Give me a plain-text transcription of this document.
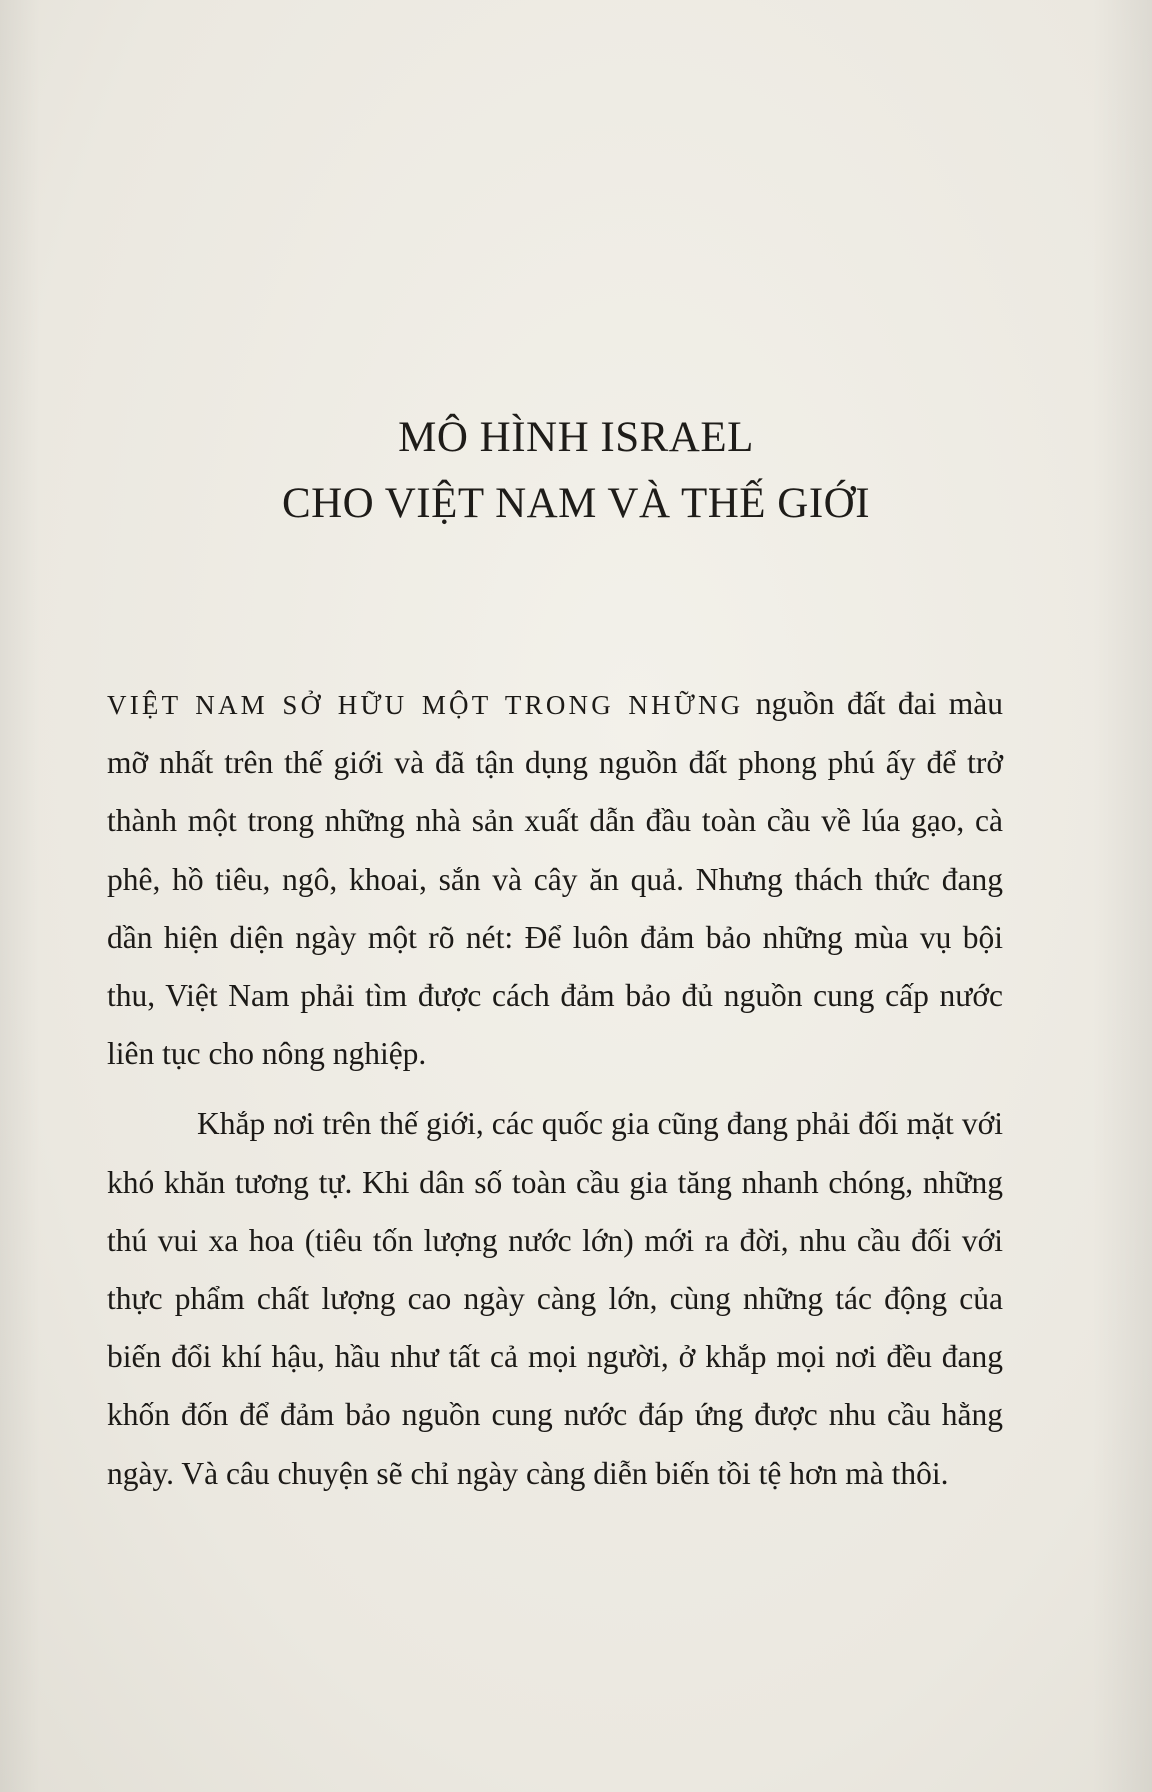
MÔ HÌNH ISRAEL
CHO VIỆT NAM VÀ THẾ GIỚI

VIỆT NAM SỞ HỮU MỘT TRONG NHỮNG nguồn đất đai màu mỡ nhất trên thế giới và đã tận dụng nguồn đất phong phú ấy để trở thành một trong những nhà sản xuất dẫn đầu toàn cầu về lúa gạo, cà phê, hồ tiêu, ngô, khoai, sắn và cây ăn quả. Nhưng thách thức đang dần hiện diện ngày một rõ nét: Để luôn đảm bảo những mùa vụ bội thu, Việt Nam phải tìm được cách đảm bảo đủ nguồn cung cấp nước liên tục cho nông nghiệp.

Khắp nơi trên thế giới, các quốc gia cũng đang phải đối mặt với khó khăn tương tự. Khi dân số toàn cầu gia tăng nhanh chóng, những thú vui xa hoa (tiêu tốn lượng nước lớn) mới ra đời, nhu cầu đối với thực phẩm chất lượng cao ngày càng lớn, cùng những tác động của biến đổi khí hậu, hầu như tất cả mọi người, ở khắp mọi nơi đều đang khốn đốn để đảm bảo nguồn cung nước đáp ứng được nhu cầu hằng ngày. Và câu chuyện sẽ chỉ ngày càng diễn biến tồi tệ hơn mà thôi.
